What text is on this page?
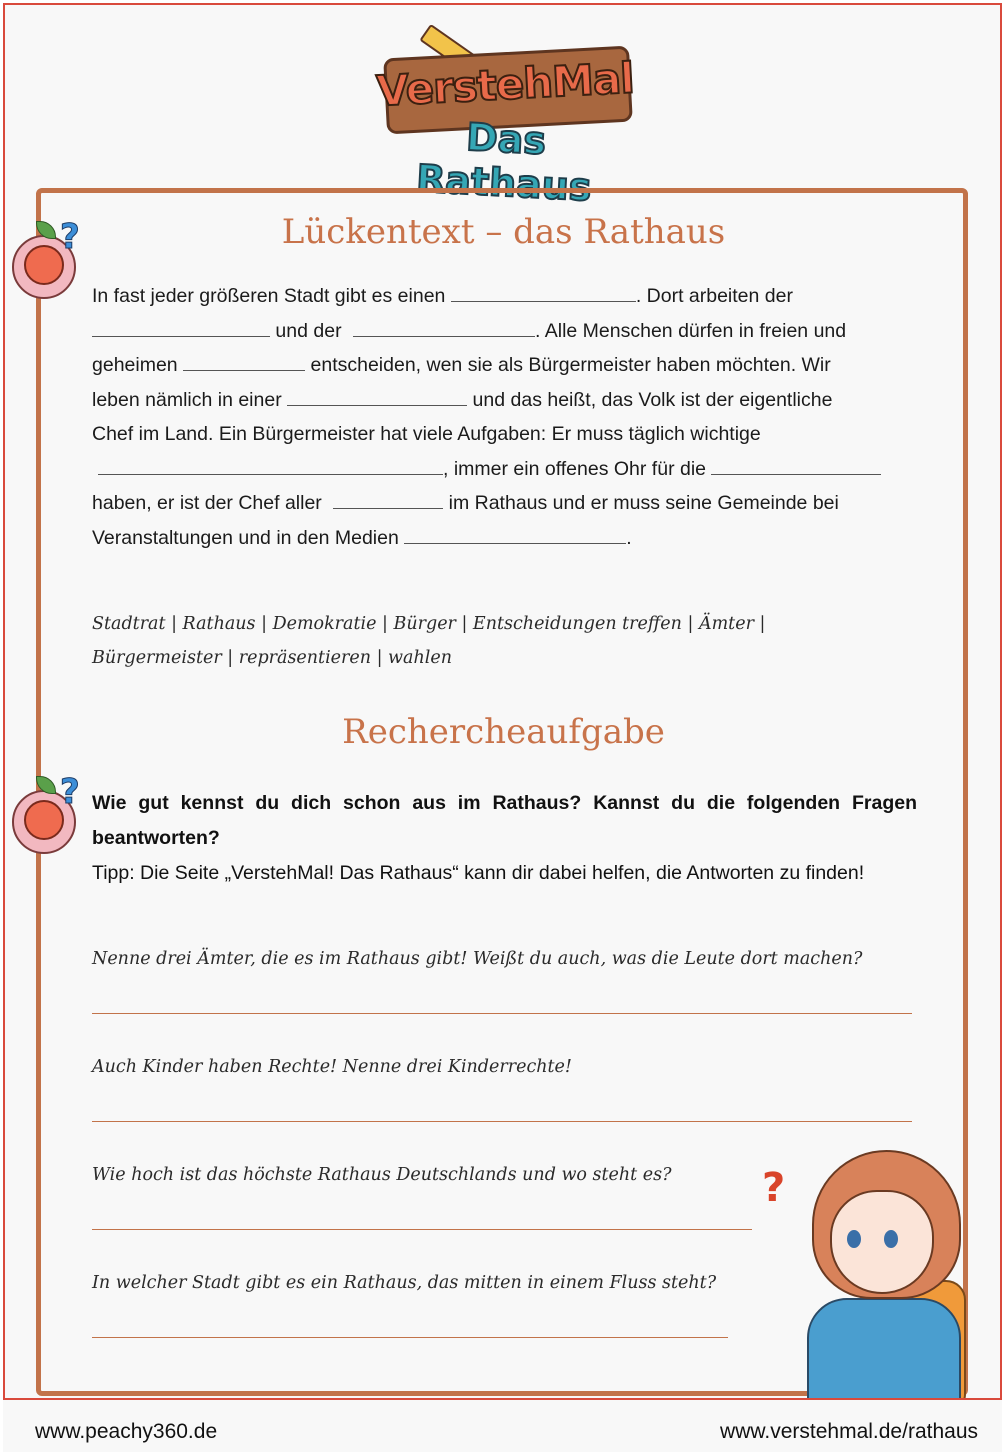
VerstehMal
Das Rathaus
?	Lückentext – das Rathaus
In fast jeder größeren Stadt gibt es einen	. Dort arbeiten der
und der	. Alle Menschen dürfen in freien und
geheimen	entscheiden, wen sie als Bürgermeister haben möchten. Wir
leben nämlich in einer	und das heißt, das Volk ist der eigentliche
Chef im Land. Ein Bürgermeister hat viele Aufgaben: Er muss täglich wichtige
, immer ein offenes Ohr für die
haben, er ist der Chef aller	im Rathaus und er muss seine Gemeinde bei
Veranstaltungen und in den Medien	.
Stadtrat | Rathaus | Demokratie | Bürger | Entscheidungen treffen | Ämter |
Bürgermeister | repräsentieren | wahlen
Rechercheaufgabe
? Wie gut kennst du dich schon aus im Rathaus? Kannst du die folgenden Fragen beantworten?
Tipp: Die Seite „VerstehMal! Das Rathaus“ kann dir dabei helfen, die Antworten zu finden!
Nenne drei Ämter, die es im Rathaus gibt! Weißt du auch, was die Leute dort machen?
Auch Kinder haben Rechte! Nenne drei Kinderrechte!
Wie hoch ist das höchste Rathaus Deutschlands und wo steht es?
In welcher Stadt gibt es ein Rathaus, das mitten in einem Fluss steht?
?
www.peachy360.de	www.verstehmal.de/rathaus
